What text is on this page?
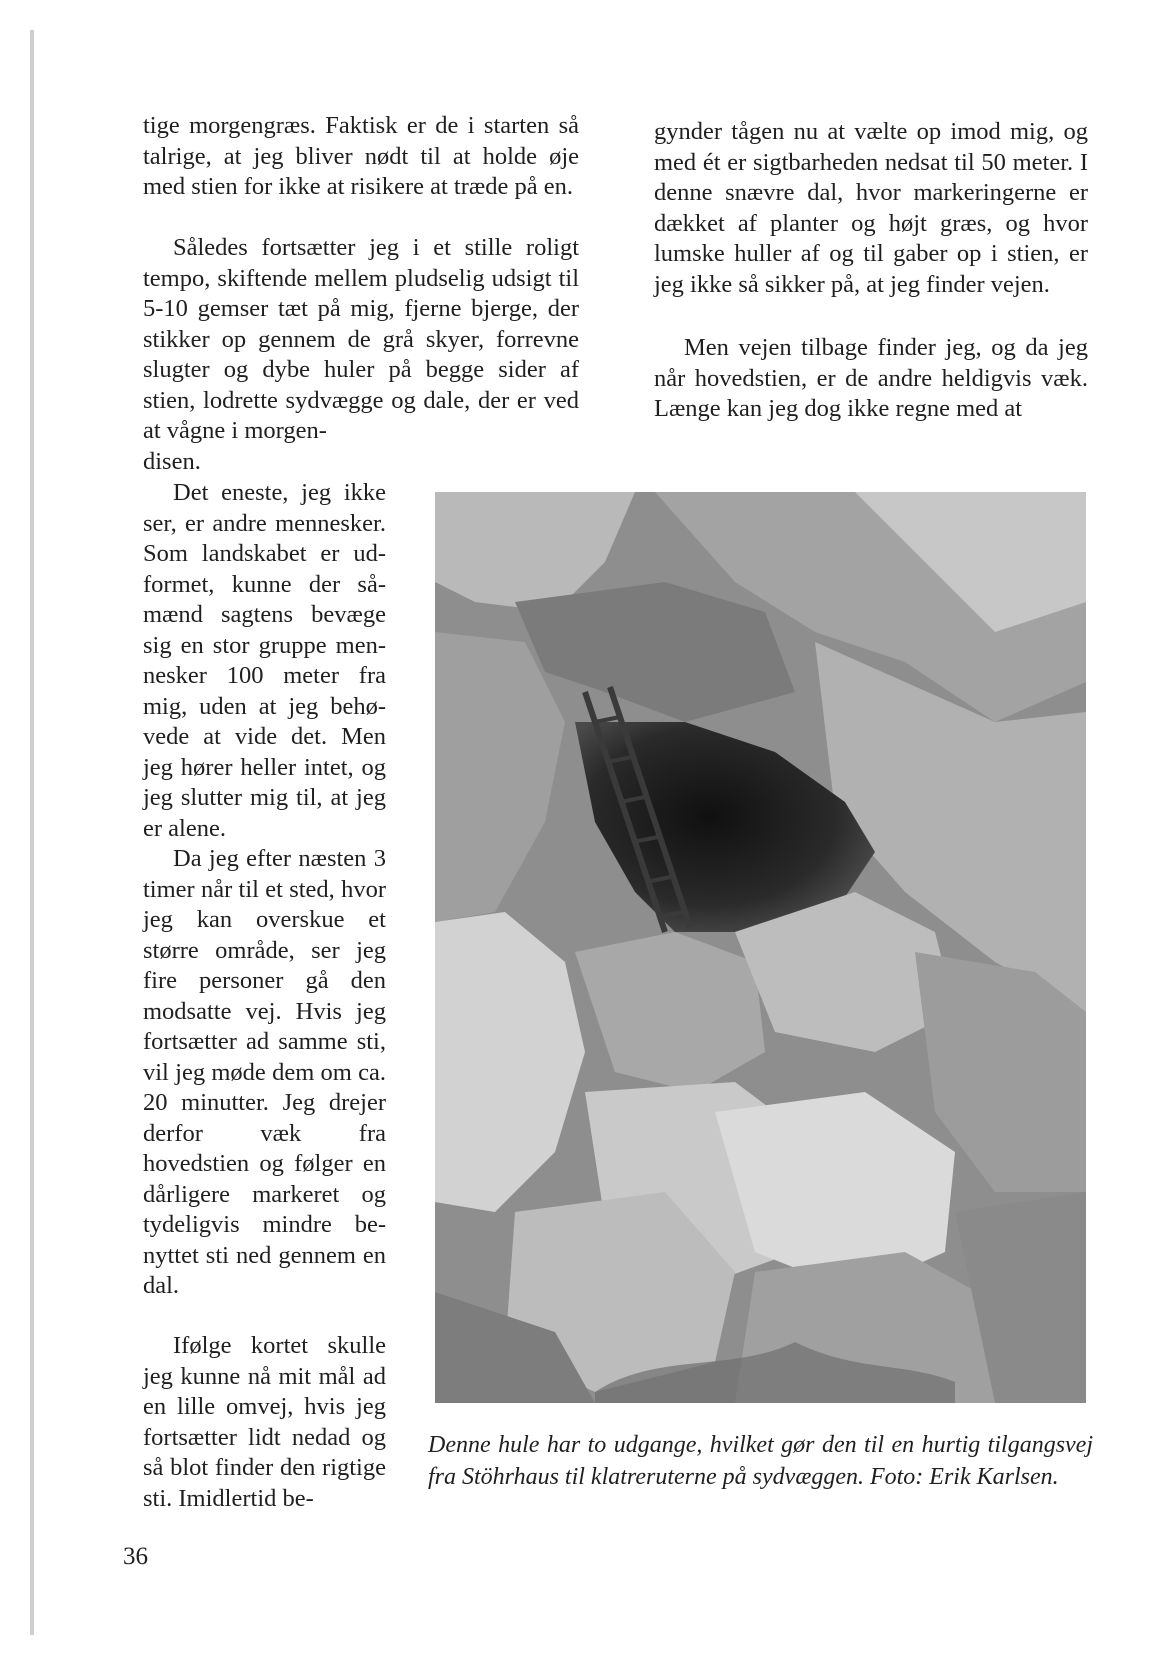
tige morgengræs. Faktisk er de i starten så talrige, at jeg bliver nødt til at holde øje med stien for ikke at risikere at træde på en.

Således fortsætter jeg i et stille roligt tempo, skiftende mellem pludselig udsigt til 5-10 gemser tæt på mig, fjerne bjerge, der stikker op gennem de grå skyer, forrevne slugter og dybe huler på begge sider af stien, lodrette sydvægge og dale, der er ved at vågne i morgen-

disen.

Det eneste, jeg ikke ser, er andre mennesker. Som landskabet er udformet, kunne der såmænd sagtens bevæge sig en stor gruppe mennesker 100 meter fra mig, uden at jeg behøvede at vide det. Men jeg hører heller intet, og jeg slutter mig til, at jeg er alene.

Da jeg efter næsten 3 timer når til et sted, hvor jeg kan overskue et større område, ser jeg fire personer gå den modsatte vej. Hvis jeg fortsætter ad samme sti, vil jeg møde dem om ca. 20 minutter. Jeg drejer derfor væk fra hovedstien og følger en dårligere markeret og tydeligvis mindre benyttet sti ned gennem en dal.

Ifølge kortet skulle jeg kunne nå mit mål ad en lille omvej, hvis jeg fortsætter lidt nedad og så blot finder den rigtige sti. Imidlertid be-

gynder tågen nu at vælte op imod mig, og med ét er sigtbarheden nedsat til 50 meter. I denne snævre dal, hvor markeringerne er dækket af planter og højt græs, og hvor lumske huller af og til gaber op i stien, er jeg ikke så sikker på, at jeg finder vejen.

Men vejen tilbage finder jeg, og da jeg når hovedstien, er de andre heldigvis væk. Længe kan jeg dog ikke regne med at

Denne hule har to udgange, hvilket gør den til en hurtig tilgangsvej fra Stöhrhaus til klatreruterne på sydvæggen. Foto: Erik Karlsen.

36
